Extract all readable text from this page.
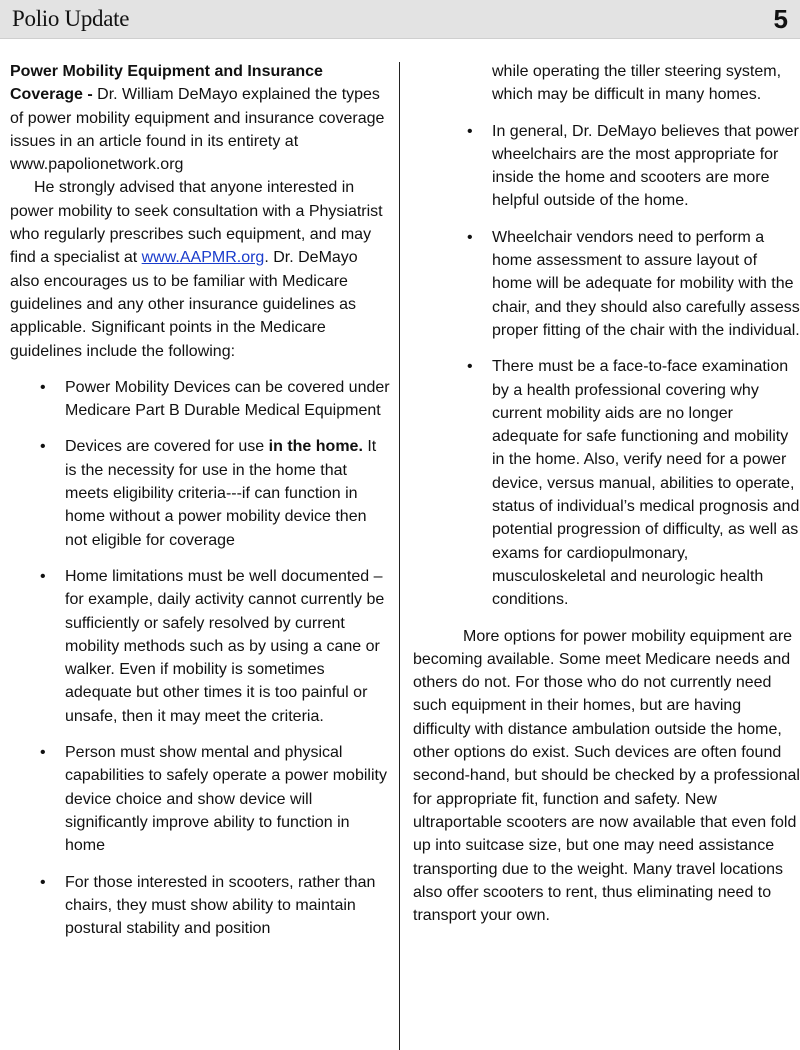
Polio Update	5

Power Mobility Equipment and Insurance Coverage - Dr. William DeMayo explained the types of power mobility equipment and insurance coverage issues in an article found in its entirety at www.papolionetwork.org

He strongly advised that anyone interested in power mobility to seek consultation with a Physiatrist who regularly prescribes such equipment, and may find a specialist at www.AAPMR.org. Dr. DeMayo also encourages us to be familiar with Medicare guidelines and any other insurance guidelines as applicable. Significant points in the Medicare guidelines include the following:

• Power Mobility Devices can be covered under Medicare Part B Durable Medical Equipment
• Devices are covered for use in the home. It is the necessity for use in the home that meets eligibility criteria---if can function in home without a power mobility device then not eligible for coverage
• Home limitations must be well documented – for example, daily activity cannot currently be sufficiently or safely resolved by current mobility methods such as by using a cane or walker. Even if mobility is sometimes adequate but other times it is too painful or unsafe, then it may meet the criteria.
• Person must show mental and physical capabilities to safely operate a power mobility device choice and show device will significantly improve ability to function in home
• For those interested in scooters, rather than chairs, they must show ability to maintain postural stability and position

while operating the tiller steering system, which may be difficult in many homes.

• In general, Dr. DeMayo believes that power wheelchairs are the most appropriate for inside the home and scooters are more helpful outside of the home.
• Wheelchair vendors need to perform a home assessment to assure layout of home will be adequate for mobility with the chair, and they should also carefully assess proper fitting of the chair with the individual.
• There must be a face-to-face examination by a health professional covering why current mobility aids are no longer adequate for safe functioning and mobility in the home. Also, verify need for a power device, versus manual, abilities to operate, status of individual’s medical prognosis and potential progression of difficulty, as well as exams for cardiopulmonary, musculoskeletal and neurologic health conditions.

More options for power mobility equipment are becoming available. Some meet Medicare needs and others do not. For those who do not currently need such equipment in their homes, but are having difficulty with distance ambulation outside the home, other options do exist. Such devices are often found second-hand, but should be checked by a professional for appropriate fit, function and safety. New ultraportable scooters are now available that even fold up into suitcase size, but one may need assistance transporting due to the weight. Many travel locations also offer scooters to rent, thus eliminating need to transport your own.
